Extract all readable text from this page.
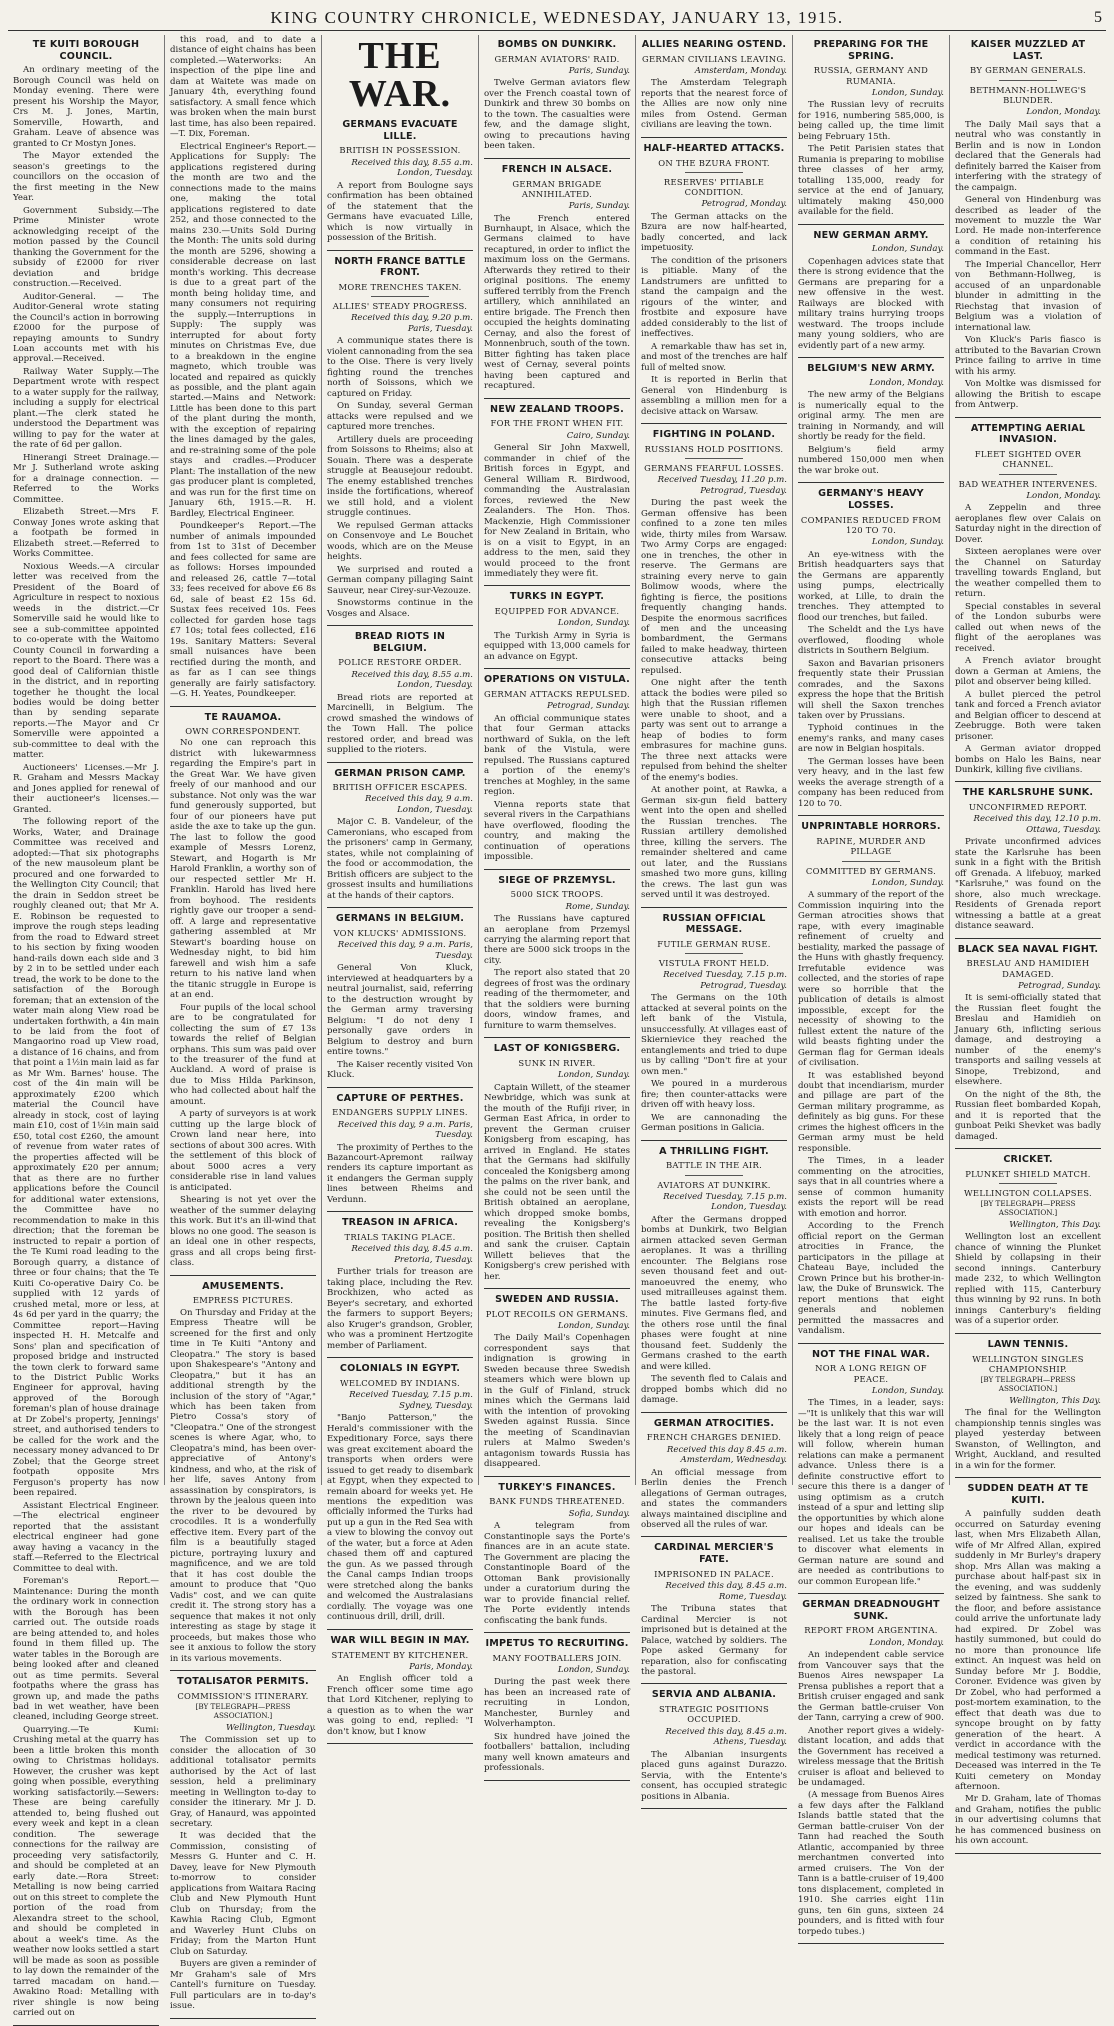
KING COUNTRY CHRONICLE, WEDNESDAY, JANUARY 13, 1915.	5
TE KUITI BOROUGH COUNCIL.

An ordinary meeting of the Borough Council was held on Monday evening. There were present his Worship the Mayor, Crs M. J. Jones, Martin, Somerville, Howarth, and Graham. Leave of absence was granted to Cr Mostyn Jones.

The Mayor extended the season's greetings to the councillors on the occasion of the first meeting in the New Year.

Government Subsidy.—The Prime Minister wrote acknowledging receipt of the motion passed by the Council thanking the Government for the subsidy of £2000 for river deviation and bridge construction.—Received.

Auditor-General. — The Auditor-General wrote stating the Council's action in borrowing £2000 for the purpose of repaying amounts to Sundry Loan accounts met with his approval.—Received.

Railway Water Supply.—The Department wrote with respect to a water supply for the railway, including a supply for electrical plant.—The clerk stated he understood the Department was willing to pay for the water at the rate of 6d per gallon.

Hinerangi Street Drainage.—Mr J. Sutherland wrote asking for a drainage connection. — Referred to the Works Committee.

Elizabeth Street.—Mrs F. Conway Jones wrote asking that a footpath be formed in Elizabeth street.—Referred to Works Committee.

Noxious Weeds.—A circular letter was received from the President of the Board of Agriculture in respect to noxious weeds in the district.—Cr Somerville said he would like to see a sub-committee appointed to co-operate with the Waitomo County Council in forwarding a report to the Board. There was a good deal of Californian thistle in the district, and in reporting together he thought the local bodies would be doing better than by sending separate reports.—The Mayor and Cr Somerville were appointed a sub-committee to deal with the matter.

Auctioneers' Licenses.—Mr J. R. Graham and Messrs Mackay and Jones applied for renewal of their auctioneer's licenses.—Granted.

The following report of the Works, Water, and Drainage Committee was received and adopted:—That six photographs of the new mausoleum plant be procured and one forwarded to the Wellington City Council; that the drain in Seddon street be roughly cleaned out; that Mr A. E. Robinson be requested to improve the rough steps leading from the road to Edward street to his section by fixing wooden hand-rails down each side and 3 by 2 in to be settled under each tread, the work to be done to the satisfaction of the Borough foreman; that an extension of the water main along View road be undertaken forthwith, a 4in main to be laid from the foot of Mangaorino road up View road, a distance of 16 chains, and from that point a 1½in main laid as far as Mr Wm. Barnes' house. The cost of the 4in main will be approximately £200 which material the Council have already in stock, cost of laying main £10, cost of 1½in main said £50, total cost £260, the amount of revenue from water rates of the properties affected will be approximately £20 per annum; that as there are no further applications before the Council for additional water extensions, the Committee have no recommendation to make in this direction; that the foreman be instructed to repair a portion of the Te Kumi road leading to the Borough quarry, a distance of three or four chains; that the Te Kuiti Co-operative Dairy Co. be supplied with 12 yards of crushed metal, more or less, at 4s 6d per yard in the quarry; the Committee report—Having inspected H. H. Metcalfe and Sons' plan and specification of proposed bridge and instructed the town clerk to forward same to the District Public Works Engineer for approval, having approved of the Borough foreman's plan of house drainage at Dr Zobel's property, Jennings' street, and authorised tenders to be called for the work and the necessary money advanced to Dr Zobel; that the George street footpath opposite Mrs Ferguson's property has now been repaired.

Assistant Electrical Engineer.—The electrical engineer reported that the assistant electrical engineer had gone away having a vacancy in the staff.—Referred to the Electrical Committee to deal with.

Foreman's Report.—Maintenance: During the month the ordinary work in connection with the Borough has been carried out. The outside roads are being attended to, and holes found in them filled up. The water tables in the Borough are being looked after and cleaned out as time permits. Several footpaths where the grass has grown up, and made the paths bad in wet weather, have been cleaned, including George street.

Quarrying.—Te Kumi: Crushing metal at the quarry has been a little broken this month owing to Christmas holidays. However, the crusher was kept going when possible, everything working satisfactorily.—Sewers: These are being carefully attended to, being flushed out every week and kept in a clean condition. The sewerage connections for the railway are proceeding very satisfactorily, and should be completed at an early date.—Rora Street: Metalling is now being carried out on this street to complete the portion of the road from Alexandra street to the school, and should be completed in about a week's time. As the weather now looks settled a start will be made as soon as possible to lay down the remainder of the tarred macadam on hand.—Awakino Road: Metalling with river shingle is now being carried out on

this road, and to date a distance of eight chains has been completed.—Waterworks: An inspection of the pipe line and dam at Waitete was made on January 4th, everything found satisfactory. A small fence which was broken when the main burst last time, has also been repaired.—T. Dix, Foreman.

Electrical Engineer's Report.—Applications for Supply: The applications registered during the month are two and the connections made to the mains one, making the total applications registered to date 252, and those connected to the mains 230.—Units Sold During the Month: The units sold during the month are 5296, showing a considerable decrease on last month's working. This decrease is due to a great part of the month being holiday time, and many consumers not requiring the supply.—Interruptions in Supply: The supply was interrupted for about forty minutes on Christmas Eve, due to a breakdown in the engine magneto, which trouble was located and repaired as quickly as possible, and the plant again started.—Mains and Network: Little has been done to this part of the plant during the month, with the exception of repairing the lines damaged by the gales, and re-straining some of the pole stays and cradles.—Producer Plant: The installation of the new gas producer plant is completed, and was run for the first time on January 6th, 1915.—R. H. Bardley, Electrical Engineer.

Poundkeeper's Report.—The number of animals impounded from 1st to 31st of December and fees collected for same are as follows: Horses impounded and released 26, cattle 7—total 33; fees received for above £6 8s 6d, sale of beast £2 15s 6d. Sustax fees received 10s. Fees collected for garden hose tags £7 10s; total fees collected, £16 19s. Sanitary Matters: Several small nuisances have been rectified during the month, and as far as I can see things generally are fairly satisfactory.—G. H. Yeates, Poundkeeper.

TE RAUAMOA.
OWN CORRESPONDENT.

No one can reproach this district with lukewarmness regarding the Empire's part in the Great War. We have given freely of our manhood and our substance. Not only was the war fund generously supported, but four of our pioneers have put aside the axe to take up the gun. The last to follow the good example of Messrs Lorenz, Stewart, and Hogarth is Mr Harold Franklin, a worthy son of our respected settler Mr H. Franklin. Harold has lived here from boyhood. The residents rightly gave our trooper a send-off. A large and representative gathering assembled at Mr Stewart's boarding house on Wednesday night, to bid him farewell and wish him a safe return to his native land when the titanic struggle in Europe is at an end.

Four pupils of the local school are to be congratulated for collecting the sum of £7 13s towards the relief of Belgian orphans. This sum was paid over to the treasurer of the fund at Auckland. A word of praise is due to Miss Hilda Parkinson, who had collected about half the amount.

A party of surveyors is at work cutting up the large block of Crown land near here, into sections of about 300 acres. With the settlement of this block of about 5000 acres a very considerable rise in land values is anticipated.

Shearing is not yet over the weather of the summer delaying this work. But it's an ill-wind that blows no one good. The season is an ideal one in other respects, grass and all crops being first-class.

AMUSEMENTS.
EMPRESS PICTURES.

On Thursday and Friday at the Empress Theatre will be screened for the first and only time in Te Kuiti "Antony and Cleopatra." The story is based upon Shakespeare's "Antony and Cleopatra," but it has an additional strength by the inclusion of the story of "Agar," which has been taken from Pietro Cossa's story of "Cleopatra." One of the strongest scenes is where Agar, who, to Cleopatra's mind, has been over-appreciative of Antony's kindness, and who, at the risk of her life, saves Antony from assassination by conspirators, is thrown by the jealous queen into the river to be devoured by crocodiles. It is a wonderfully effective item. Every part of the film is a beautifully staged picture, portraying luxury and magnificence, and we are told that it has cost double the amount to produce that "Quo Vadis" cost, and we can quite credit it. The strong story has a sequence that makes it not only interesting as stage by stage it proceeds, but makes those who see it anxious to follow the story in its various movements.

TOTALISATOR PERMITS.
COMMISSION'S ITINERARY.
[BY TELEGRAPH—PRESS ASSOCIATION.]
Wellington, Tuesday.

The Commission set up to consider the allocation of 30 additional totalisator permits authorised by the Act of last session, held a preliminary meeting in Wellington to-day to consider the itinerary. Mr J. D. Gray, of Hanaurd, was appointed secretary.

It was decided that the Commission, consisting of Messrs G. Hunter and C. H. Davey, leave for New Plymouth to-morrow to consider applications from Waitara Racing Club and New Plymouth Hunt Club on Thursday; from the Kawhia Racing Club, Egmont and Waverley Hunt Clubs on Friday; from the Marton Hunt Club on Saturday.

Buyers are given a reminder of Mr Graham's sale of Mrs Cantell's furniture on Tuesday. Full particulars are in to-day's issue.

THE WAR.
GERMANS EVACUATE LILLE.
BRITISH IN POSSESSION.
Received this day, 8.55 a.m. London, Tuesday.

A report from Boulogne says confirmation has been obtained of the statement that the Germans have evacuated Lille, which is now virtually in possession of the British.

NORTH FRANCE BATTLE FRONT.
MORE TRENCHES TAKEN.
ALLIES' STEADY PROGRESS.
Received this day, 9.20 p.m. Paris, Tuesday.

A communique states there is violent cannonading from the sea to the Oise. There is very lively fighting round the trenches north of Soissons, which we captured on Friday.

On Sunday, several German attacks were repulsed and we captured more trenches.

Artillery duels are proceeding from Soissons to Rheims; also at Souain. There was a desperate struggle at Beausejour redoubt. The enemy established trenches inside the fortifications, whereof we still hold, and a violent struggle continues.

We repulsed German attacks on Consenvoye and Le Bouchet woods, which are on the Meuse heights.

We surprised and routed a German company pillaging Saint Sauveur, near Cirey-sur-Vezouze.

Snowstorms continue in the Vosges and Alsace.

BREAD RIOTS IN BELGIUM.
POLICE RESTORE ORDER.
Received this day, 8.55 a.m. London, Tuesday.

Bread riots are reported at Marcinelli, in Belgium. The crowd smashed the windows of the Town Hall. The police restored order, and bread was supplied to the rioters.

GERMAN PRISON CAMP.
BRITISH OFFICER ESCAPES.
Received this day, 9 a.m. London, Tuesday.

Major C. B. Vandeleur, of the Cameronians, who escaped from the prisoners' camp in Germany, states, while not complaining of the food or accommodation, the British officers are subject to the grossest insults and humiliations at the hands of their captors.

GERMANS IN BELGIUM.
VON KLUCKS' ADMISSIONS.
Received this day, 9 a.m. Paris, Tuesday.

General Von Kluck, interviewed at headquarters by a neutral journalist, said, referring to the destruction wrought by the German army traversing Belgium: "I do not deny I personally gave orders in Belgium to destroy and burn entire towns."

The Kaiser recently visited Von Kluck.

CAPTURE OF PERTHES.
ENDANGERS SUPPLY LINES.
Received this day, 9 a.m. Paris, Tuesday.

The proximity of Perthes to the Bazancourt-Apremont railway renders its capture important as it endangers the German supply lines between Rheims and Verdunn.

TREASON IN AFRICA.
TRIALS TAKING PLACE.
Received this day, 8.45 a.m. Pretoria, Tuesday.

Further trials for treason are taking place, including the Rev. Brockhizen, who acted as Beyer's secretary, and exhorted the farmers to support Beyers; also Kruger's grandson, Grobler, who was a prominent Hertzogite member of Parliament.

COLONIALS IN EGYPT.
WELCOMED BY INDIANS.
Received Tuesday, 7.15 p.m. Sydney, Tuesday.

"Banjo Patterson," the Herald's commissioner with the Expeditionary Force, says there was great excitement aboard the transports when orders were issued to get ready to disembark at Egypt, when they expected to remain aboard for weeks yet. He mentions the expedition was officially informed the Turks had put up a gun in the Red Sea with a view to blowing the convoy out of the water, but a force at Aden chased them off and captured the gun. As we passed through the Canal camps Indian troops were stretched along the banks and welcomed the Australasians cordially. The voyage was one continuous drill, drill, drill.

WAR WILL BEGIN IN MAY.
STATEMENT BY KITCHENER.
Paris, Monday.

An English officer told a French officer some time ago that Lord Kitchener, replying to a question as to when the war was going to end, replied: "I don't know, but I know

BOMBS ON DUNKIRK.
GERMAN AVIATORS' RAID.
Paris, Sunday.

Twelve German aviators flew over the French coastal town of Dunkirk and threw 30 bombs on to the town. The casualties were few, and the damage slight, owing to precautions having been taken.

FRENCH IN ALSACE.
GERMAN BRIGADE ANNIHILATED.
Paris, Sunday.

The French entered Burnhaupt, in Alsace, which the Germans claimed to have recaptured, in order to inflict the maximum loss on the Germans. Afterwards they retired to their original positions. The enemy suffered terribly from the French artillery, which annihilated an entire brigade. The French then occupied the heights dominating Cernay, and also the forest of Monnenbruch, south of the town. Bitter fighting has taken place west of Cernay, several points having been captured and recaptured.

NEW ZEALAND TROOPS.
FOR THE FRONT WHEN FIT.
Cairo, Sunday.

General Sir John Maxwell, commander in chief of the British forces in Egypt, and General William R. Birdwood, commanding the Australasian forces, reviewed the New Zealanders. The Hon. Thos. Mackenzie, High Commissioner for New Zealand in Britain, who is on a visit to Egypt, in an address to the men, said they would proceed to the front immediately they were fit.

TURKS IN EGYPT.
EQUIPPED FOR ADVANCE.
London, Sunday.

The Turkish Army in Syria is equipped with 13,000 camels for an advance on Egypt.

OPERATIONS ON VISTULA.
GERMAN ATTACKS REPULSED.
Petrograd, Sunday.

An official communique states that four German attacks northward of Sukla, on the left bank of the Vistula, were repulsed. The Russians captured a portion of the enemy's trenches at Moghley, in the same region.

Vienna reports state that several rivers in the Carpathians have overflowed, flooding the country, and making the continuation of operations impossible.

SIEGE OF PRZEMYSL.
5000 SICK TROOPS.
Rome, Sunday.

The Russians have captured an aeroplane from Przemysl carrying the alarming report that there are 5000 sick troops in the city.

The report also stated that 20 degrees of frost was the ordinary reading of the thermometer, and that the soldiers were burning doors, window frames, and furniture to warm themselves.

LAST OF KONIGSBERG.
SUNK IN RIVER.
London, Sunday.

Captain Willett, of the steamer Newbridge, which was sunk at the mouth of the Rufiji river, in German East Africa, in order to prevent the German cruiser Konigsberg from escaping, has arrived in England. He states that the Germans had skilfully concealed the Konigsberg among the palms on the river bank, and she could not be seen until the British obtained an aeroplane, which dropped smoke bombs, revealing the Konigsberg's position. The British then shelled and sank the cruiser. Captain Willett believes that the Konigsberg's crew perished with her.

SWEDEN AND RUSSIA.
PLOT RECOILS ON GERMANS.
London, Sunday.

The Daily Mail's Copenhagen correspondent says that indignation is growing in Sweden because three Swedish steamers which were blown up in the Gulf of Finland, struck mines which the Germans laid with the intention of provoking Sweden against Russia. Since the meeting of Scandinavian rulers at Malmo Sweden's antagonism towards Russia has disappeared.

TURKEY'S FINANCES.
BANK FUNDS THREATENED.
Sofia, Sunday.

A telegram from Constantinople says the Porte's finances are in an acute state. The Government are placing the Constantinople Board of the Ottoman Bank provisionally under a curatorium during the war to provide financial relief. The Porte evidently intends confiscating the bank funds.

IMPETUS TO RECRUITING.
MANY FOOTBALLERS JOIN.
London, Sunday.

During the past week there has been an increased rate of recruiting in London, Manchester, Burnley and Wolverhampton.

Six hundred have joined the footballers' battalion, including many well known amateurs and professionals.

ALLIES NEARING OSTEND.
GERMAN CIVILIANS LEAVING.
Amsterdam, Monday.

The Amsterdam Telegraph reports that the nearest force of the Allies are now only nine miles from Ostend. German civilians are leaving the town.

HALF-HEARTED ATTACKS.
ON THE BZURA FRONT.
RESERVES' PITIABLE CONDITION.
Petrograd, Monday.

The German attacks on the Bzura are now half-hearted, badly concerted, and lack impetuosity.

The condition of the prisoners is pitiable. Many of the Landstrumers are unfitted to stand the campaign and the rigours of the winter, and frostbite and exposure have added considerably to the list of ineffectives.

A remarkable thaw has set in, and most of the trenches are half full of melted snow.

It is reported in Berlin that General von Hindenburg is assembling a million men for a decisive attack on Warsaw.

FIGHTING IN POLAND.
RUSSIANS HOLD POSITIONS.
GERMANS FEARFUL LOSSES.
Received Tuesday, 11.20 p.m. Petrograd, Tuesday.

During the past week the German offensive has been confined to a zone ten miles wide, thirty miles from Warsaw. Two Army Corps are engaged: one in trenches, the other in reserve. The Germans are straining every nerve to gain Bolimow woods, where the fighting is fierce, the positions frequently changing hands. Despite the enormous sacrifices of men and the unceasing bombardment, the Germans failed to make headway, thirteen consecutive attacks being repulsed.

One night after the tenth attack the bodies were piled so high that the Russian riflemen were unable to shoot, and a party was sent out to arrange a heap of bodies to form embrasures for machine guns. The three next attacks were repulsed from behind the shelter of the enemy's bodies.

At another point, at Rawka, a German six-gun field battery went into the open and shelled the Russian trenches. The Russian artillery demolished three, killing the servers. The remainder sheltered and came out later, and the Russians smashed two more guns, killing the crews. The last gun was served until it was destroyed.

RUSSIAN OFFICIAL MESSAGE.
FUTILE GERMAN RUSE.
VISTULA FRONT HELD.
Received Tuesday, 7.15 p.m. Petrograd, Tuesday.

The Germans on the 10th attacked at several points on the left bank of the Vistula, unsuccessfully. At villages east of Skiernievice they reached the entanglements and tried to dupe us by calling "Don't fire at your own men."

We poured in a murderous fire; then counter-attacks were driven off with heavy loss.

We are cannonading the German positions in Galicia.

A THRILLING FIGHT.
BATTLE IN THE AIR.
AVIATORS AT DUNKIRK.
Received Tuesday, 7.15 p.m. London, Tuesday.

After the Germans dropped bombs at Dunkirk, two Belgian airmen attacked seven German aeroplanes. It was a thrilling encounter. The Belgians rose seven thousand feet and out-manoeuvred the enemy, who used mitrailleuses against them. The battle lasted forty-five minutes. Five Germans fled, and the others rose until the final phases were fought at nine thousand feet. Suddenly the Germans crashed to the earth and were killed.

The seventh fled to Calais and dropped bombs which did no damage.

GERMAN ATROCITIES.
FRENCH CHARGES DENIED.
Received this day 8.45 a.m. Amsterdam, Wednesday.

An official message from Berlin denies the French allegations of German outrages, and states the commanders always maintained discipline and observed all the rules of war.

CARDINAL MERCIER'S FATE.
IMPRISONED IN PALACE.
Received this day, 8.45 a.m. Rome, Tuesday.

The Tribuna states that Cardinal Mercier is not imprisoned but is detained at the Palace, watched by soldiers. The Pope asked Germany for reparation, also for confiscating the pastoral.

SERVIA AND ALBANIA.
STRATEGIC POSITIONS OCCUPIED.
Received this day, 8.45 a.m. Athens, Tuesday.

The Albanian insurgents placed guns against Durazzo. Servia, with the Entente's consent, has occupied strategic positions in Albania.

PREPARING FOR THE SPRING.
RUSSIA, GERMANY AND RUMANIA.
London, Sunday.

The Russian levy of recruits for 1916, numbering 585,000, is being called up, the time limit being February 15th.

The Petit Parisien states that Rumania is preparing to mobilise three classes of her army, totalling 135,000, ready for service at the end of January, ultimately making 450,000 available for the field.

NEW GERMAN ARMY.
London, Sunday.

Copenhagen advices state that there is strong evidence that the Germans are preparing for a new offensive in the west. Railways are blocked with military trains hurrying troops westward. The troops include many young soldiers, who are evidently part of a new army.

BELGIUM'S NEW ARMY.
London, Monday.

The new army of the Belgians is numerically equal to the original army. The men are training in Normandy, and will shortly be ready for the field.

Belgium's field army numbered 150,000 men when the war broke out.

GERMANY'S HEAVY LOSSES.
COMPANIES REDUCED FROM 120 TO 70.
London, Sunday.

An eye-witness with the British headquarters says that the Germans are apparently using pumps, electrically worked, at Lille, to drain the trenches. They attempted to flood our trenches, but failed.

The Scheldt and the Lys have overflowed, flooding whole districts in Southern Belgium.

Saxon and Bavarian prisoners frequently state their Prussian comrades, and the Saxons express the hope that the British will shell the Saxon trenches taken over by Prussians.

Typhoid continues in the enemy's ranks, and many cases are now in Belgian hospitals.

The German losses have been very heavy, and in the last few weeks the average strength of a company has been reduced from 120 to 70.

UNPRINTABLE HORRORS.
RAPINE, MURDER AND PILLAGE
COMMITTED BY GERMANS.
London, Sunday.

A summary of the report of the Commission inquiring into the German atrocities shows that rape, with every imaginable refinement of cruelty and bestiality, marked the passage of the Huns with ghastly frequency. Irrefutable evidence was collected, and the stories of rape were so horrible that the publication of details is almost impossible, except for the necessity of showing to the fullest extent the nature of the wild beasts fighting under the German flag for German ideals of civilisation.

It was established beyond doubt that incendiarism, murder and pillage are part of the German military programme, as definitely as big guns. For these crimes the highest officers in the German army must be held responsible.

The Times, in a leader commenting on the atrocities, says that in all countries where a sense of common humanity exists the report will be read with emotion and horror.

According to the French official report on the German atrocities in France, the participators in the pillage at Chateau Baye, included the Crown Prince but his brother-in-law, the Duke of Brunswick. The report mentions that eight generals and noblemen permitted the massacres and vandalism.

NOT THE FINAL WAR.
NOR A LONG REIGN OF PEACE.
London, Sunday.

The Times, in a leader, says:—"It is unlikely that this war will be the last war. It is not even likely that a long reign of peace will follow, wherein human relations can make a permanent advance. Unless there is a definite constructive effort to secure this there is a danger of using optimism as a crutch instead of a spur and letting slip the opportunities by which alone our hopes and ideals can be realised. Let us take the trouble to discover what elements in German nature are sound and are needed as contributions to our common European life."

GERMAN DREADNOUGHT SUNK.
REPORT FROM ARGENTINA.
London, Monday.

An independent cable service from Vancouver says that the Buenos Aires newspaper La Prensa publishes a report that a British cruiser engaged and sank the German battle-cruiser Von der Tann, carrying a crew of 900.

Another report gives a widely-distant location, and adds that the Government has received a wireless message that the British cruiser is afloat and believed to be undamaged.

(A message from Buenos Aires a few days after the Falkland Islands battle stated that the German battle-cruiser Von der Tann had reached the South Atlantic, accompanied by three merchantmen converted into armed cruisers. The Von der Tann is a battle-cruiser of 19,400 tons displacement, completed in 1910. She carries eight 11in guns, ten 6in guns, sixteen 24 pounders, and is fitted with four torpedo tubes.)

KAISER MUZZLED AT LAST.
BY GERMAN GENERALS.
BETHMANN-HOLLWEG'S BLUNDER.
London, Monday.

The Daily Mail says that a neutral who was constantly in Berlin and is now in London declared that the Generals had definitely barred the Kaiser from interfering with the strategy of the campaign.

General von Hindenburg was described as leader of the movement to muzzle the War Lord. He made non-interference a condition of retaining his command in the East.

The Imperial Chancellor, Herr von Bethmann-Hollweg, is accused of an unpardonable blunder in admitting in the Riechstag that invasion of Belgium was a violation of international law.

Von Kluck's Paris fiasco is attributed to the Bavarian Crown Prince failing to arrive in time with his army.

Von Moltke was dismissed for allowing the British to escape from Antwerp.

ATTEMPTING AERIAL INVASION.
FLEET SIGHTED OVER CHANNEL.
BAD WEATHER INTERVENES.
London, Monday.

A Zeppelin and three aeroplanes flew over Calais on Saturday night in the direction of Dover.

Sixteen aeroplanes were over the Channel on Saturday travelling towards England, but the weather compelled them to return.

Special constables in several of the London suburbs were called out when news of the flight of the aeroplanes was received.

A French aviator brought down a German at Amiens, the pilot and observer being killed.

A bullet pierced the petrol tank and forced a French aviator and Belgian officer to descend at Zeebrugge. Both were taken prisoner.

A German aviator dropped bombs on Halo les Bains, near Dunkirk, killing five civilians.

THE KARLSRUHE SUNK.
UNCONFIRMED REPORT.
Received this day, 12.10 p.m. Ottawa, Tuesday.

Private unconfirmed advices state the Karlsruhe has been sunk in a fight with the British off Grenada. A lifebuoy, marked "Karlsruhe," was found on the shore, also much wreckage. Residents of Grenada report witnessing a battle at a great distance seaward.

BLACK SEA NAVAL FIGHT.
BRESLAU AND HAMIDIEH DAMAGED.
Petrograd, Sunday.

It is semi-officially stated that the Russian fleet fought the Breslau and Hamidieh on January 6th, inflicting serious damage, and destroying a number of the enemy's transports and sailing vessels at Sinope, Trebizond, and elsewhere.

On the night of the 8th, the Russian fleet bombarded Kopah, and it is reported that the gunboat Peiki Shevket was badly damaged.

CRICKET.
PLUNKET SHIELD MATCH.
WELLINGTON COLLAPSES.
[BY TELEGRAPH—PRESS ASSOCIATION.]
Wellington, This Day.

Wellington lost an excellent chance of winning the Plunket Shield by collapsing in their second innings. Canterbury made 232, to which Wellington replied with 115, Canterbury thus winning by 92 runs. In both innings Canterbury's fielding was of a superior order.

LAWN TENNIS.
WELLINGTON SINGLES CHAMPIONSHIP.
[BY TELEGRAPH—PRESS ASSOCIATION.]
Wellington, This Day.

The final for the Wellington championship tennis singles was played yesterday between Swanston, of Wellington, and Wright, Auckland, and resulted in a win for the former.

SUDDEN DEATH AT TE KUITI.

A painfully sudden death occurred on Saturday evening last, when Mrs Elizabeth Allan, wife of Mr Alfred Allan, expired suddenly in Mr Burley's drapery shop. Mrs Allan was making a purchase about half-past six in the evening, and was suddenly seized by faintness. She sank to the floor, and before assistance could arrive the unfortunate lady had expired. Dr Zobel was hastily summoned, but could do no more than pronounce life extinct. An inquest was held on Sunday before Mr J. Boddie, Coroner. Evidence was given by Dr Zobel, who had performed a post-mortem examination, to the effect that death was due to syncope brought on by fatty generation of the heart. A verdict in accordance with the medical testimony was returned. Deceased was interred in the Te Kuiti cemetery on Monday afternoon.

Mr D. Graham, late of Thomas and Graham, notifies the public in our advertising columns that he has commenced business on his own account.
